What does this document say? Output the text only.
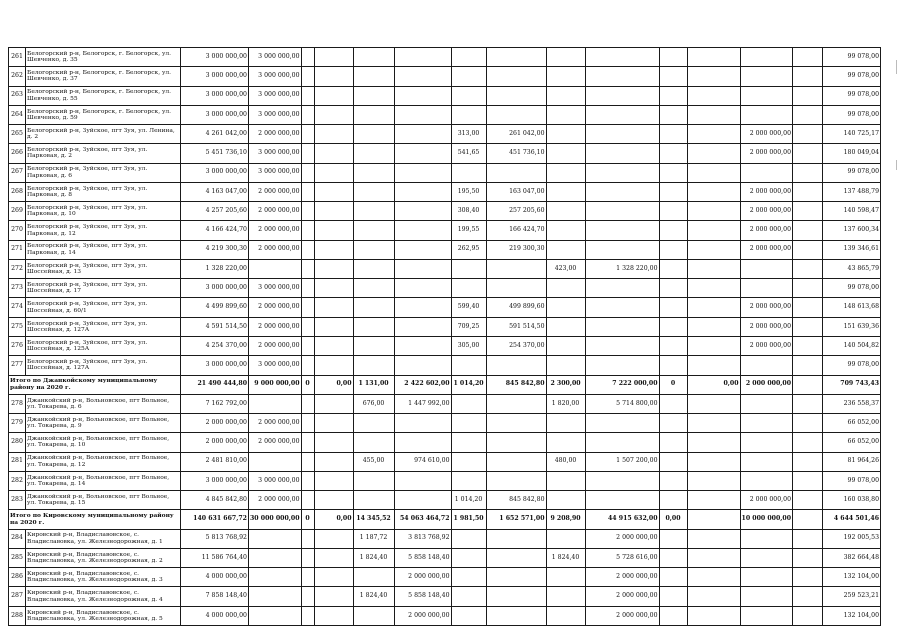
261	Белогорский р-н, Белогорск, г. Белогорск, ул. Шевченко, д. 35	3 000 000,00	3 000 000,00													99 078,00
262	Белогорский р-н, Белогорск, г. Белогорск, ул. Шевченко, д. 37	3 000 000,00	3 000 000,00													99 078,00
263	Белогорский р-н, Белогорск, г. Белогорск, ул. Шевченко, д. 55	3 000 000,00	3 000 000,00													99 078,00
264	Белогорский р-н, Белогорск, г. Белогорск, ул. Шевченко, д. 59	3 000 000,00	3 000 000,00													99 078,00
265	Белогорский р-н, Зуйское, пгт Зуя, ул. Ленина, д. 2	4 261 042,00	2 000 000,00					313,00	261 042,00					2 000 000,00		140 725,17
266	Белогорский р-н, Зуйское, пгт Зуя, ул. Парковая, д. 2	5 451 736,10	3 000 000,00					541,65	451 736,10					2 000 000,00		180 049,04
267	Белогорский р-н, Зуйское, пгт Зуя, ул. Парковая, д. 6	3 000 000,00	3 000 000,00													99 078,00
268	Белогорский р-н, Зуйское, пгт Зуя, ул. Парковая, д. 8	4 163 047,00	2 000 000,00					195,50	163 047,00					2 000 000,00		137 488,79
269	Белогорский р-н, Зуйское, пгт Зуя, ул. Парковая, д. 10	4 257 205,60	2 000 000,00					308,40	257 205,60					2 000 000,00		140 598,47
270	Белогорский р-н, Зуйское, пгт Зуя, ул. Парковая, д. 12	4 166 424,70	2 000 000,00					199,55	166 424,70					2 000 000,00		137 600,34
271	Белогорский р-н, Зуйское, пгт Зуя, ул. Парковая, д. 14	4 219 300,30	2 000 000,00					262,95	219 300,30					2 000 000,00		139 346,61
272	Белогорский р-н, Зуйское, пгт Зуя, ул. Шоссейная, д. 13	1 328 220,00								423,00	1 328 220,00					43 865,79
273	Белогорский р-н, Зуйское, пгт Зуя, ул. Шоссейная, д. 17	3 000 000,00	3 000 000,00													99 078,00
274	Белогорский р-н, Зуйское, пгт Зуя, ул. Шоссейная, д. 60/1	4 499 899,60	2 000 000,00					599,40	499 899,60					2 000 000,00		148 613,68
275	Белогорский р-н, Зуйское, пгт Зуя, ул. Шоссейная, д. 127А	4 591 514,50	2 000 000,00					709,25	591 514,50					2 000 000,00		151 639,36
276	Белогорский р-н, Зуйское, пгт Зуя, ул. Шоссейная, д. 125А	4 254 370,00	2 000 000,00					305,00	254 370,00					2 000 000,00		140 504,82
277	Белогорский р-н, Зуйское, пгт Зуя, ул. Шоссейная, д. 127А	3 000 000,00	3 000 000,00													99 078,00
Итого по Джанкойскому муниципальному району на 2020 г.		21 490 444,80	9 000 000,00	0	0,00	1 131,00	2 422 602,00	1 014,20	845 842,80	2 300,00	7 222 000,00	0	0,00	2 000 000,00		709 743,43
278	Джанкойский р-н, Вольновское, пгт Вольное, ул. Токарева, д. 6	7 162 792,00				676,00	1 447 992,00			1 820,00	5 714 800,00					236 558,37
279	Джанкойский р-н, Вольновское, пгт Вольное, ул. Токарева, д. 9	2 000 000,00	2 000 000,00													66 052,00
280	Джанкойский р-н, Вольновское, пгт Вольное, ул. Токарева, д. 10	2 000 000,00	2 000 000,00													66 052,00
281	Джанкойский р-н, Вольновское, пгт Вольное, ул. Токарева, д. 12	2 481 810,00				455,00	974 610,00			480,00	1 507 200,00					81 964,26
282	Джанкойский р-н, Вольновское, пгт Вольное, ул. Токарева, д. 14	3 000 000,00	3 000 000,00													99 078,00
283	Джанкойский р-н, Вольновское, пгт Вольное, ул. Токарева, д. 15	4 845 842,80	2 000 000,00					1 014,20	845 842,80					2 000 000,00		160 038,80
Итого по Кировскому муниципальному району на 2020 г.		140 631 667,72	30 000 000,00	0	0,00	14 345,52	54 063 464,72	1 981,50	1 652 571,00	9 208,90	44 915 632,00	0,00		10 000 000,00		4 644 501,46
284	Кировский р-н, Владиславовское, с. Владиславовка, ул. Железнодорожная, д. 1	5 813 768,92				1 187,72	3 813 768,92				2 000 000,00					192 005,53
285	Кировский р-н, Владиславовское, с. Владиславовка, ул. Железнодорожная, д. 2	11 586 764,40				1 824,40	5 858 148,40			1 824,40	5 728 616,00					382 664,48
286	Кировский р-н, Владиславовское, с. Владиславовка, ул. Железнодорожная, д. 3	4 000 000,00					2 000 000,00				2 000 000,00					132 104,00
287	Кировский р-н, Владиславовское, с. Владиславовка, ул. Железнодорожная, д. 4	7 858 148,40				1 824,40	5 858 148,40				2 000 000,00					259 523,21
288	Кировский р-н, Владиславовское, с. Владиславовка, ул. Железнодорожная, д. 5	4 000 000,00					2 000 000,00				2 000 000,00					132 104,00
